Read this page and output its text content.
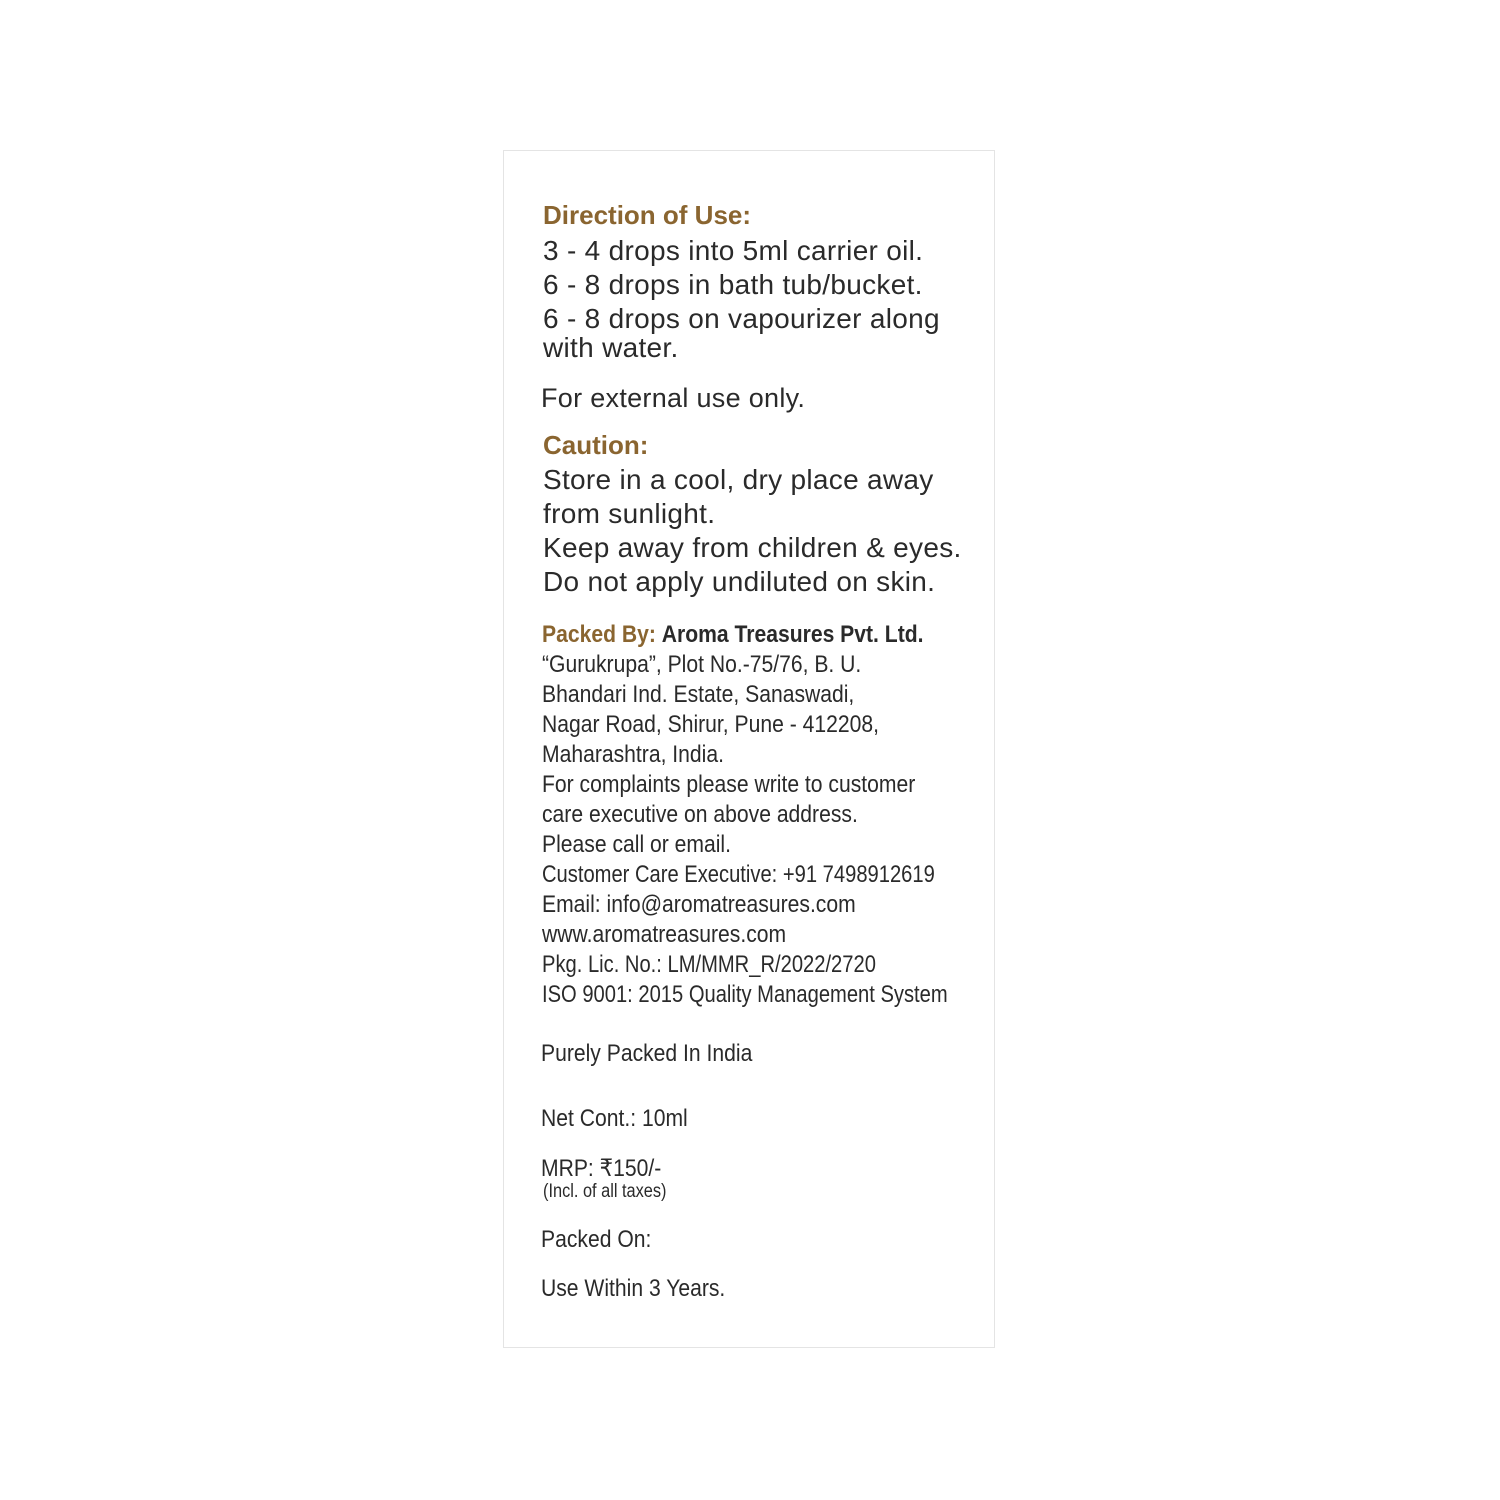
Direction of Use:
3 - 4 drops into 5ml carrier oil.
6 - 8 drops in bath tub/bucket.
6 - 8 drops on vapourizer along
with water.
For external use only.
Caution:
Store in a cool, dry place away
from sunlight.
Keep away from children & eyes.
Do not apply undiluted on skin.
Packed By: Aroma Treasures Pvt. Ltd.
“Gurukrupa”, Plot No.-75/76, B. U.
Bhandari Ind. Estate, Sanaswadi,
Nagar Road, Shirur, Pune - 412208,
Maharashtra, India.
For complaints please write to customer
care executive on above address.
Please call or email.
Customer Care Executive: +91 7498912619
Email: info@aromatreasures.com
www.aromatreasures.com
Pkg. Lic. No.: LM/MMR_R/2022/2720
ISO 9001: 2015 Quality Management System
Purely Packed In India
Net Cont.: 10ml
MRP: ₹150/-
(Incl. of all taxes)
Packed On:
Use Within 3 Years.
